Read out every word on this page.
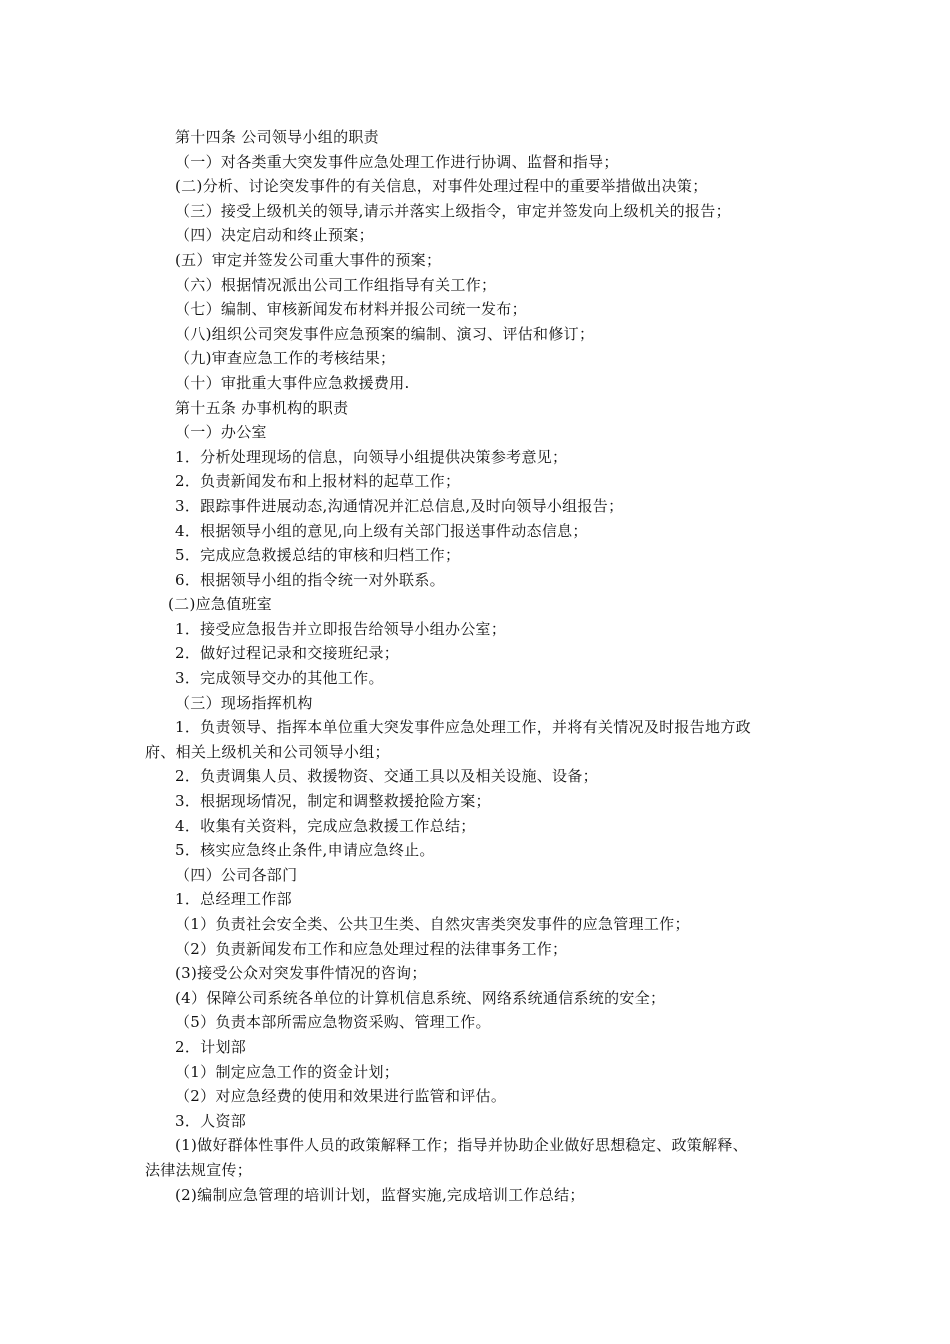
第十四条 公司领导小组的职责
（一）对各类重大突发事件应急处理工作进行协调、监督和指导；
(二)分析、讨论突发事件的有关信息，对事件处理过程中的重要举措做出决策；
（三）接受上级机关的领导,请示并落实上级指令，审定并签发向上级机关的报告；
（四）决定启动和终止预案；
(五）审定并签发公司重大事件的预案；
（六）根据情况派出公司工作组指导有关工作；
（七）编制、审核新闻发布材料并报公司统一发布；
（八)组织公司突发事件应急预案的编制、演习、评估和修订；
（九)审查应急工作的考核结果；
（十）审批重大事件应急救援费用.
第十五条 办事机构的职责
（一）办公室
1．分析处理现场的信息，向领导小组提供决策参考意见；
2．负责新闻发布和上报材料的起草工作；
3．跟踪事件进展动态,沟通情况并汇总信息,及时向领导小组报告；
4．根据领导小组的意见,向上级有关部门报送事件动态信息；
5．完成应急救援总结的审核和归档工作；
6．根据领导小组的指令统一对外联系。
(二)应急值班室
1．接受应急报告并立即报告给领导小组办公室；
2．做好过程记录和交接班纪录；
3．完成领导交办的其他工作。
（三）现场指挥机构
1．负责领导、指挥本单位重大突发事件应急处理工作，并将有关情况及时报告地方政
府、相关上级机关和公司领导小组；
2．负责调集人员、救援物资、交通工具以及相关设施、设备；
3．根据现场情况，制定和调整救援抢险方案；
4．收集有关资料，完成应急救援工作总结；
5．核实应急终止条件,申请应急终止。
（四）公司各部门
1．总经理工作部
（1）负责社会安全类、公共卫生类、自然灾害类突发事件的应急管理工作；
（2）负责新闻发布工作和应急处理过程的法律事务工作；
(3)接受公众对突发事件情况的咨询；
(4）保障公司系统各单位的计算机信息系统、网络系统通信系统的安全；
（5）负责本部所需应急物资采购、管理工作。
2．计划部
（1）制定应急工作的资金计划；
（2）对应急经费的使用和效果进行监管和评估。
3．人资部
(1)做好群体性事件人员的政策解释工作；指导并协助企业做好思想稳定、政策解释、
法律法规宣传；
(2)编制应急管理的培训计划，监督实施,完成培训工作总结；
